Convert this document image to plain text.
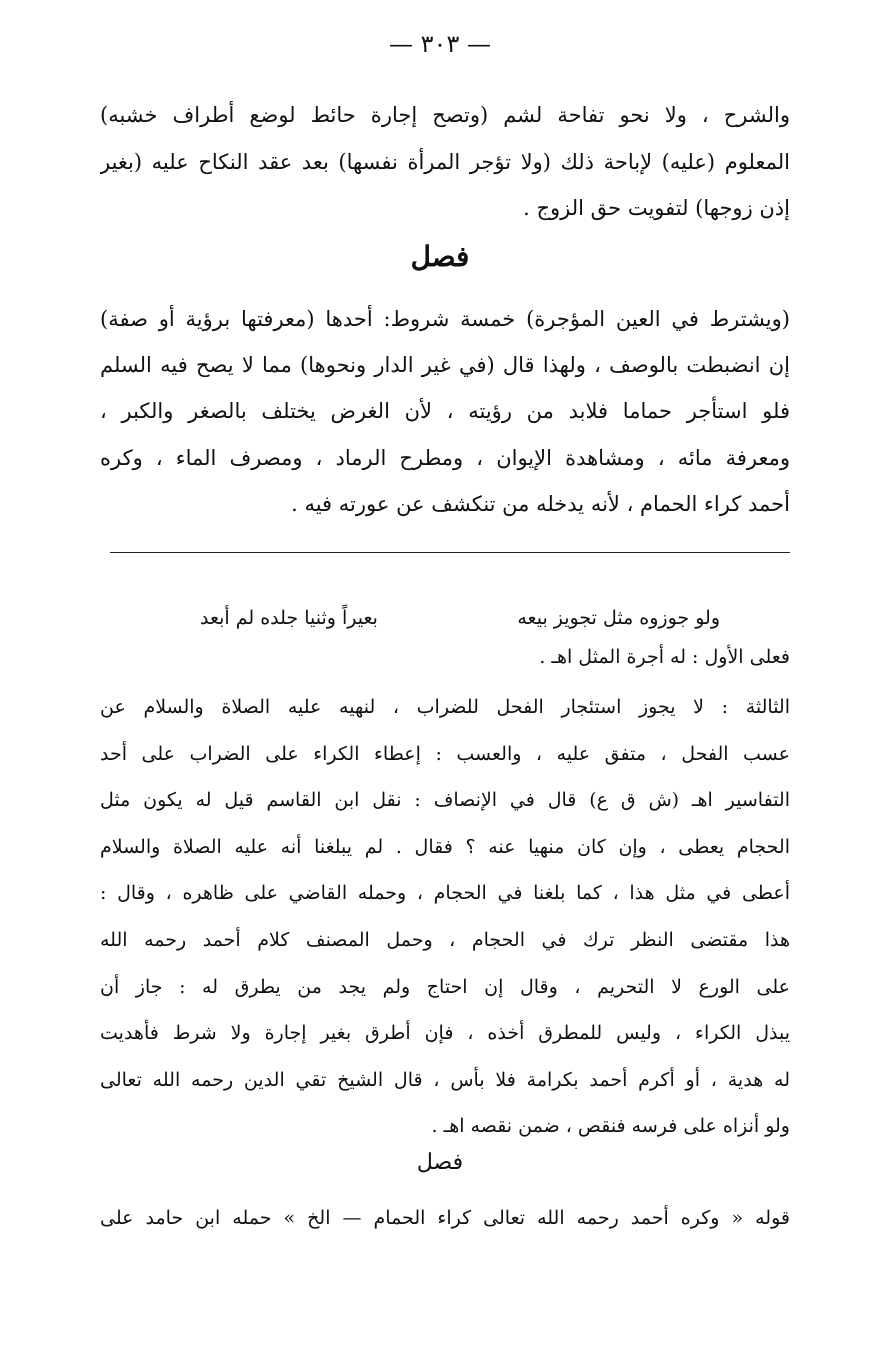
— ٣٠٣ —
والشرح ، ولا نحو تفاحة لشم (وتصح إجارة حائط لوضع أطراف خشبه)
المعلوم (عليه) لإباحة ذلك (ولا تؤجر المرأة نفسها) بعد عقد النكاح عليه (بغير
إذن زوجها) لتفويت حق الزوج .
فصل
(ويشترط في العين المؤجرة) خمسة شروط: أحدها (معرفتها برؤية أو صفة)
إن انضبطت بالوصف ، ولهذا قال (في غير الدار ونحوها) مما لا يصح فيه السلم
فلو استأجر حماما فلابد من رؤيته ، لأن الغرض يختلف بالصغر والكبر ،
ومعرفة مائه ، ومشاهدة الإيوان ، ومطرح الرماد ، ومصرف الماء ، وكره
أحمد كراء الحمام ، لأنه يدخله من تنكشف عن عورته فيه .
ولو جوزوه مثل تجويز بيعه
بعيراً وثنيا جلده لم أبعد
فعلى الأول : له أجرة المثل اهـ .
الثالثة : لا يجوز استئجار الفحل للضراب ، لنهيه عليه الصلاة والسلام عن
عسب الفحل ، متفق عليه ، والعسب : إعطاء الكراء على الضراب على أحد
التفاسير اهـ (ش ق ع) قال في الإنصاف : نقل ابن القاسم قيل له يكون مثل
الحجام يعطى ، وإن كان منهيا عنه ؟ فقال . لم يبلغنا أنه عليه الصلاة والسلام
أعطى في مثل هذا ، كما بلغنا في الحجام ، وحمله القاضي على ظاهره ، وقال :
هذا مقتضى النظر ترك في الحجام ، وحمل المصنف كلام أحمد رحمه الله
على الورع لا التحريم ، وقال إن احتاج ولم يجد من يطرق له : جاز أن
يبذل الكراء ، وليس للمطرق أخذه ، فإن أطرق بغير إجارة ولا شرط فأهديت
له هدية ، أو أكرم أحمد بكرامة فلا بأس ، قال الشيخ تقي الدين رحمه الله تعالى
ولو أنزاه على فرسه فنقص ، ضمن نقصه اهـ .
فصل
قوله « وكره أحمد رحمه الله تعالى كراء الحمام — الخ » حمله ابن حامد على
